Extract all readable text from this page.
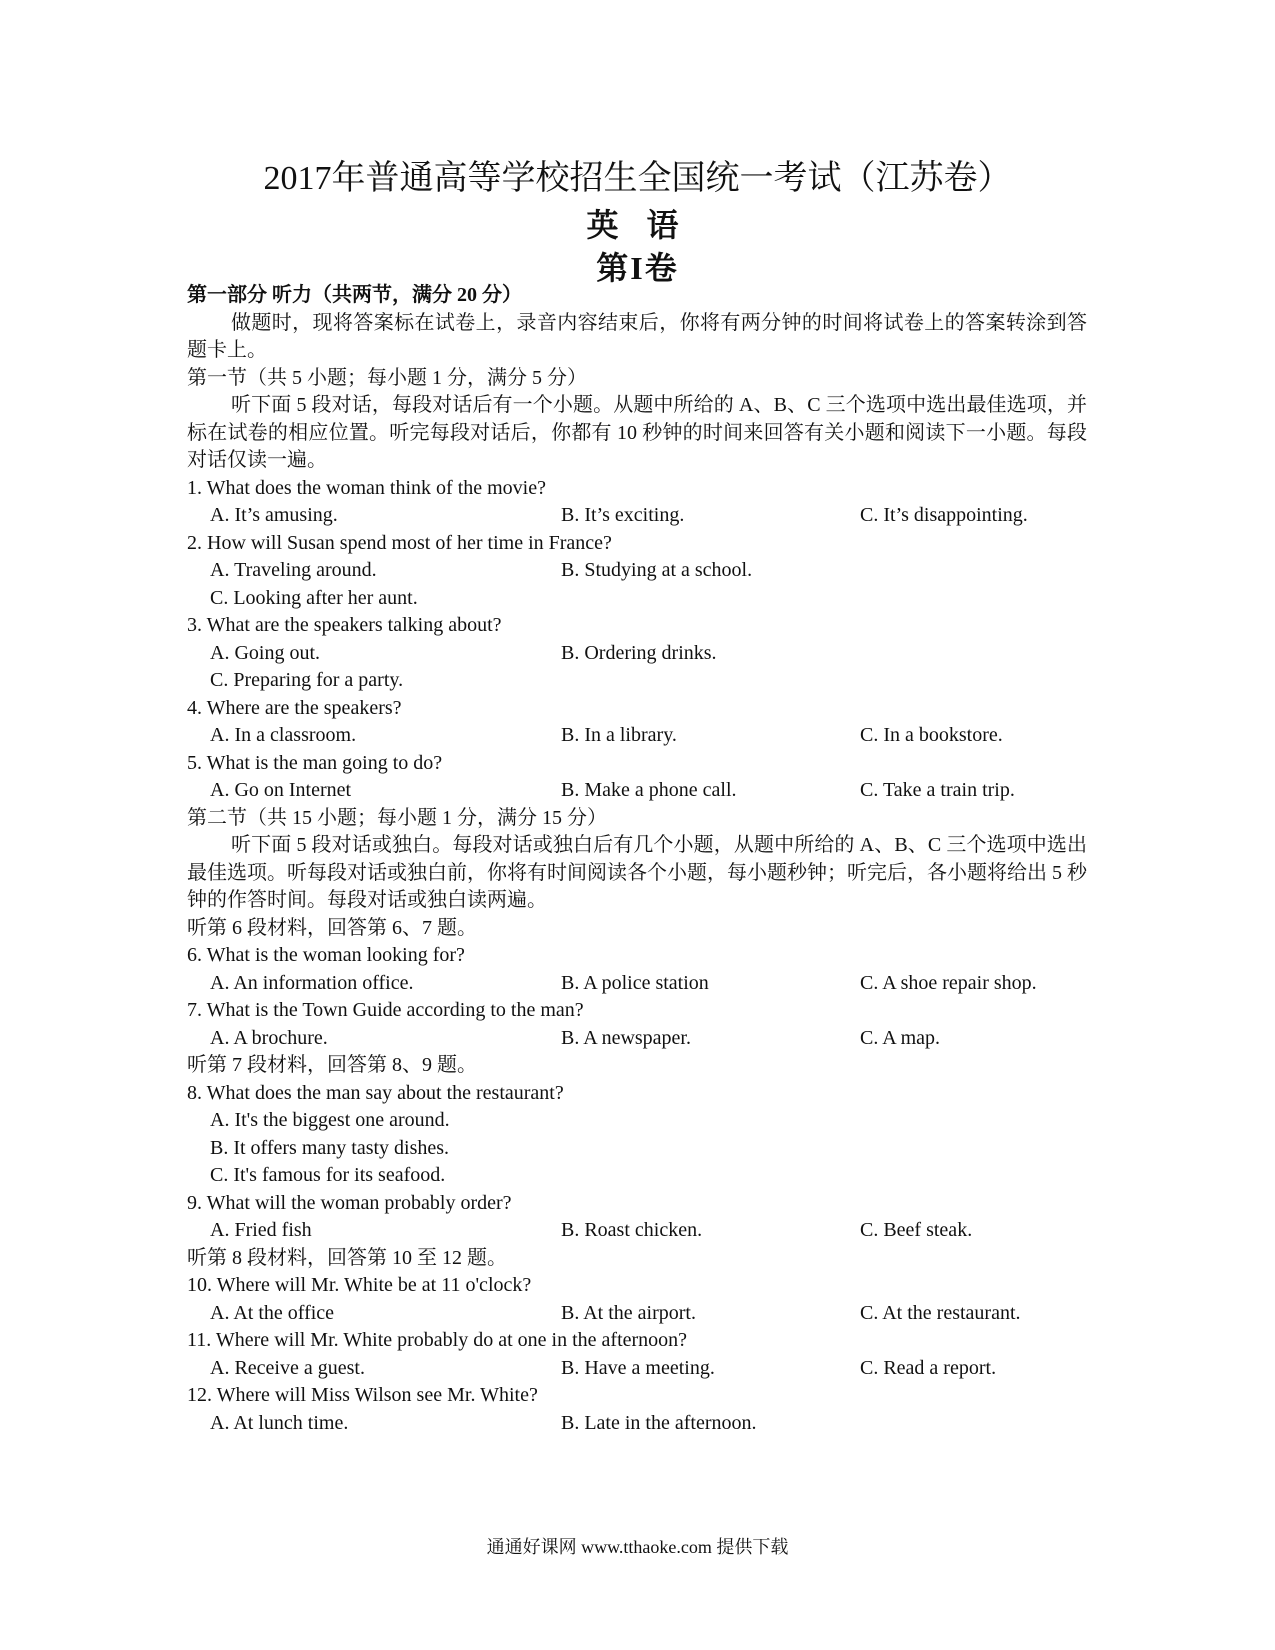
2017年普通高等学校招生全国统一考试（江苏卷）
英 语
第I卷
第一部分 听力（共两节，满分 20 分）

做题时，现将答案标在试卷上，录音内容结束后，你将有两分钟的时间将试卷上的答案转涂到答题卡上。

第一节（共 5 小题；每小题 1 分，满分 5 分）

听下面 5 段对话，每段对话后有一个小题。从题中所给的 A、B、C 三个选项中选出最佳选项，并标在试卷的相应位置。听完每段对话后，你都有 10 秒钟的时间来回答有关小题和阅读下一小题。每段对话仅读一遍。

1. What does the woman think of the movie?
A. It’s amusing.	B. It’s exciting.	C. It’s disappointing.
2. How will Susan spend most of her time in France?
A. Traveling around.	B. Studying at a school.
C. Looking after her aunt.
3. What are the speakers talking about?
A. Going out.	B. Ordering drinks.
C. Preparing for a party.
4. Where are the speakers?
A. In a classroom.	B. In a library.	C. In a bookstore.
5. What is the man going to do?
A. Go on Internet	B. Make a phone call.	C. Take a train trip.
第二节（共 15 小题；每小题 1 分，满分 15 分）

听下面 5 段对话或独白。每段对话或独白后有几个小题，从题中所给的 A、B、C 三个选项中选出最佳选项。听每段对话或独白前，你将有时间阅读各个小题，每小题秒钟；听完后，各小题将给出 5 秒钟的作答时间。每段对话或独白读两遍。

听第 6 段材料，回答第 6、7 题。
6. What is the woman looking for?
A. An information office.	B. A police station	C. A shoe repair shop.
7. What is the Town Guide according to the man?
A. A brochure.	B. A newspaper.	C. A map.
听第 7 段材料，回答第 8、9 题。
8. What does the man say about the restaurant?
A. It's the biggest one around.
B. It offers many tasty dishes.
C. It's famous for its seafood.
9. What will the woman probably order?
A. Fried fish	B. Roast chicken.	C. Beef steak.
听第 8 段材料，回答第 10 至 12 题。
10. Where will Mr. White be at 11 o'clock?
A. At the office	B. At the airport.	C. At the restaurant.
11. Where will Mr. White probably do at one in the afternoon?
A. Receive a guest.	B. Have a meeting.	C. Read a report.
12. Where will Miss Wilson see Mr. White?
A. At lunch time.	B. Late in the afternoon.
通通好课网 www.tthaoke.com 提供下载
